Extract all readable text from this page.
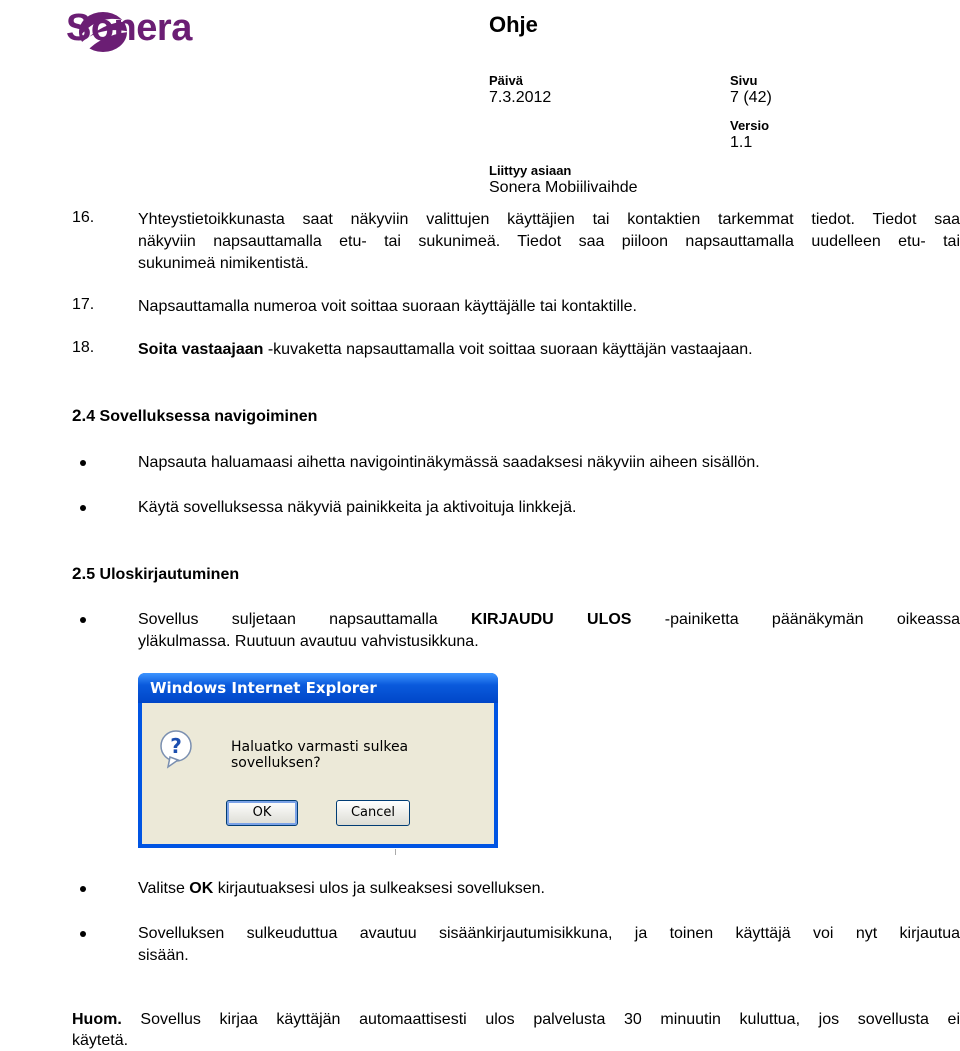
Sonera	Ohje
Päivä
7.3.2012
Sivu
7 (42)
Versio
1.1
Liittyy asiaan
Sonera Mobiilivaihde
16.	Yhteystietoikkunasta saat näkyviin valittujen käyttäjien tai kontaktien tarkemmat tiedot. Tiedot saa
näkyviin napsauttamalla etu- tai sukunimeä. Tiedot saa piiloon napsauttamalla uudelleen etu- tai
sukunimeä nimikentistä.
17.	Napsauttamalla numeroa voit soittaa suoraan käyttäjälle tai kontaktille.
18.	Soita vastaajaan -kuvaketta napsauttamalla voit soittaa suoraan käyttäjän vastaajaan.
2.4 Sovelluksessa navigoiminen
Napsauta haluamaasi aihetta navigointinäkymässä saadaksesi näkyviin aiheen sisällön.
Käytä sovelluksessa näkyviä painikkeita ja aktivoituja linkkejä.
2.5 Uloskirjautuminen
Sovellus suljetaan napsauttamalla KIRJAUDU ULOS -painiketta päänäkymän oikeassa
yläkulmassa. Ruutuun avautuu vahvistusikkuna.
Windows Internet Explorer
?	Haluatko varmasti sulkea sovelluksen?
OK	Cancel
Valitse OK kirjautuaksesi ulos ja sulkeaksesi sovelluksen.
Sovelluksen sulkeuduttua avautuu sisäänkirjautumisikkuna, ja toinen käyttäjä voi nyt kirjautua
sisään.
Huom. Sovellus kirjaa käyttäjän automaattisesti ulos palvelusta 30 minuutin kuluttua, jos sovellusta ei
käytetä.
